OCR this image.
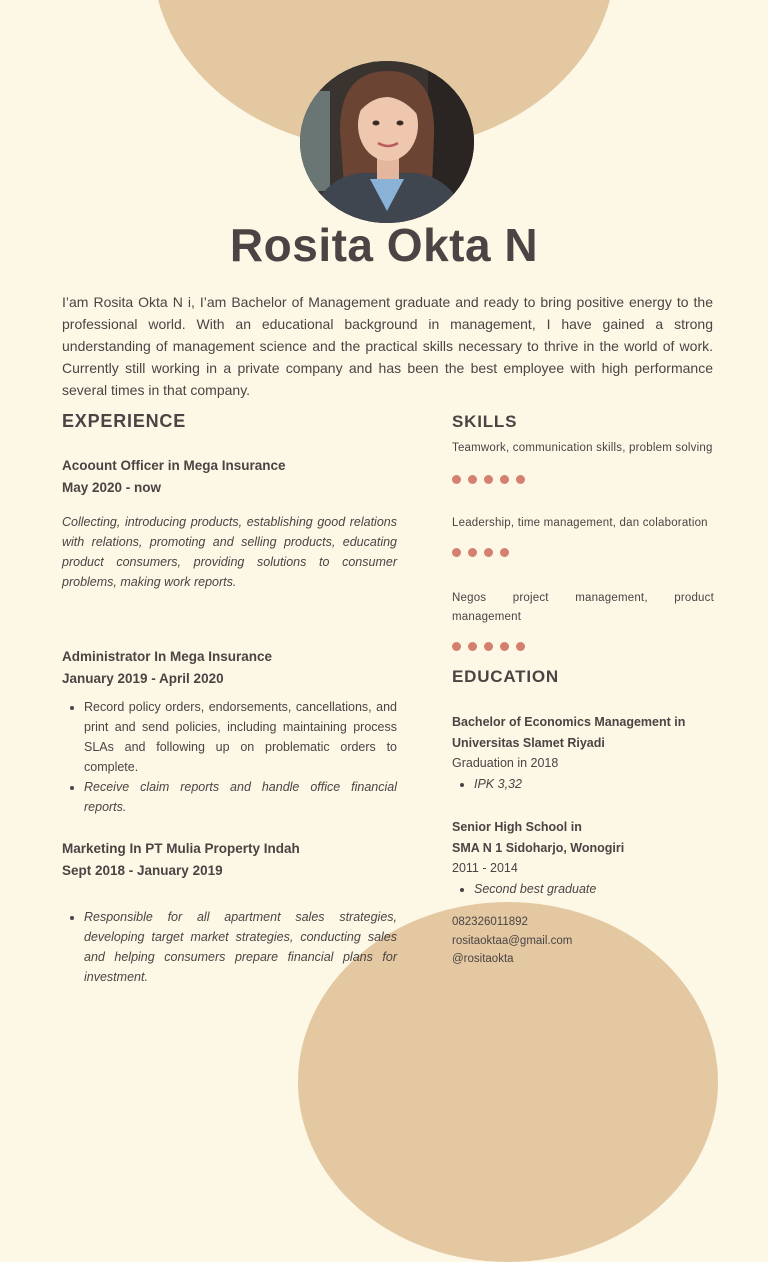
Rosita Okta N
I’am Rosita Okta N i, I’am Bachelor of Management graduate and ready to bring positive energy to the professional world. With an educational background in management, I have gained a strong understanding of management science and the practical skills necessary to thrive in the world of work. Currently still working in a private company and has been the best employee with high performance several times in that company.
EXPERIENCE
Acoount Officer in Mega Insurance
May 2020 - now
Collecting, introducing products, establishing good relations with relations, promoting and selling products, educating product consumers, providing solutions to consumer problems, making work reports.
Administrator In Mega Insurance
January 2019 - April 2020
• Record policy orders, endorsements, cancellations, and print and send policies, including maintaining process SLAs and following up on problematic orders to complete.
• Receive claim reports and handle office financial reports.
Marketing In PT Mulia Property Indah
Sept 2018 - January 2019
• Responsible for all apartment sales strategies, developing target market strategies, conducting sales and helping consumers prepare financial plans for investment.
SKILLS
Teamwork, communication skills, problem solving
Leadership, time management, dan colaboration
Negos project management, product management
EDUCATION
Bachelor of Economics Management in
Universitas Slamet Riyadi
Graduation in 2018
• IPK 3,32
Senior High School in
SMA N 1 Sidoharjo, Wonogiri
2011 - 2014
• Second best graduate
082326011892
rositaoktaa@gmail.com
@rositaokta
